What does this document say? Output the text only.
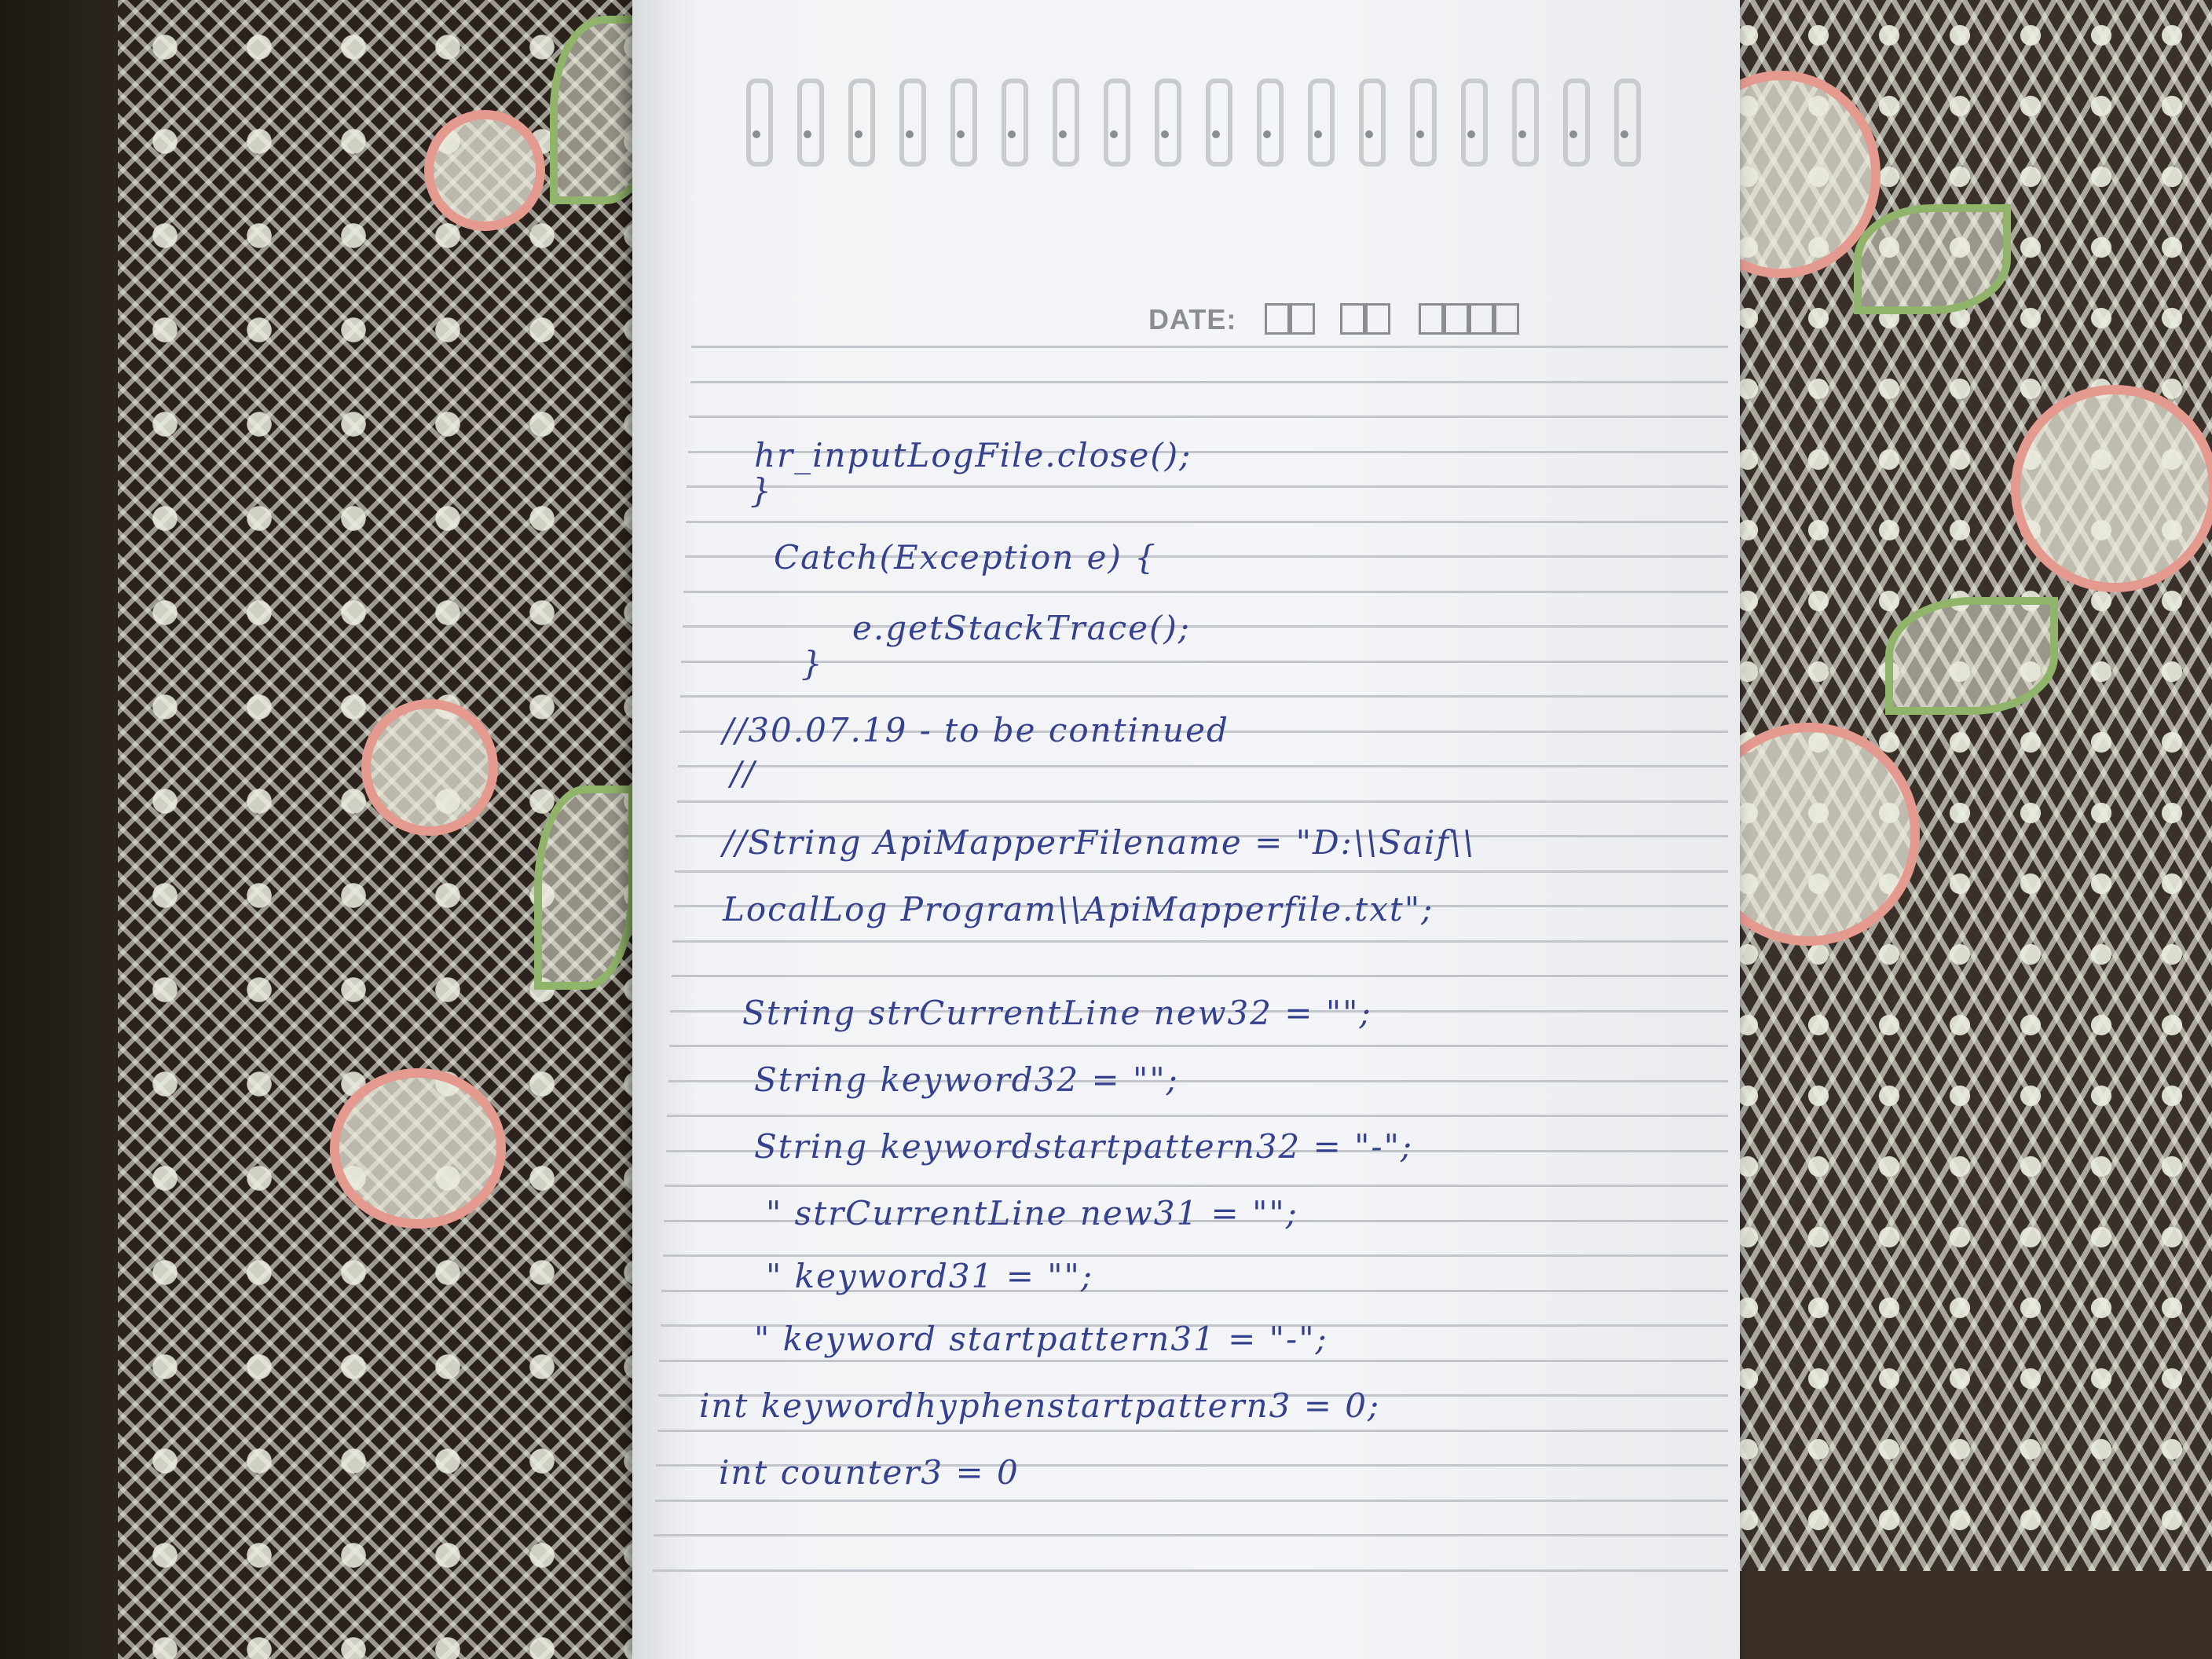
DATE:
hr_inputLogFile.close();
}
Catch(Exception e) {
e.getStackTrace();
}
//30.07.19 - to be continued
//
//String ApiMapperFilename = "D:\\Saif\\
LocalLog Program\\ApiMapperfile.txt";
String strCurrentLine new32 = "";
String keyword32 = "";
String keywordstartpattern32 = "-";
" strCurrentLine new31 = "";
" keyword31 = "";
" keyword startpattern31 = "-";
int keywordhyphenstartpattern3 = 0;
int counter3 = 0
